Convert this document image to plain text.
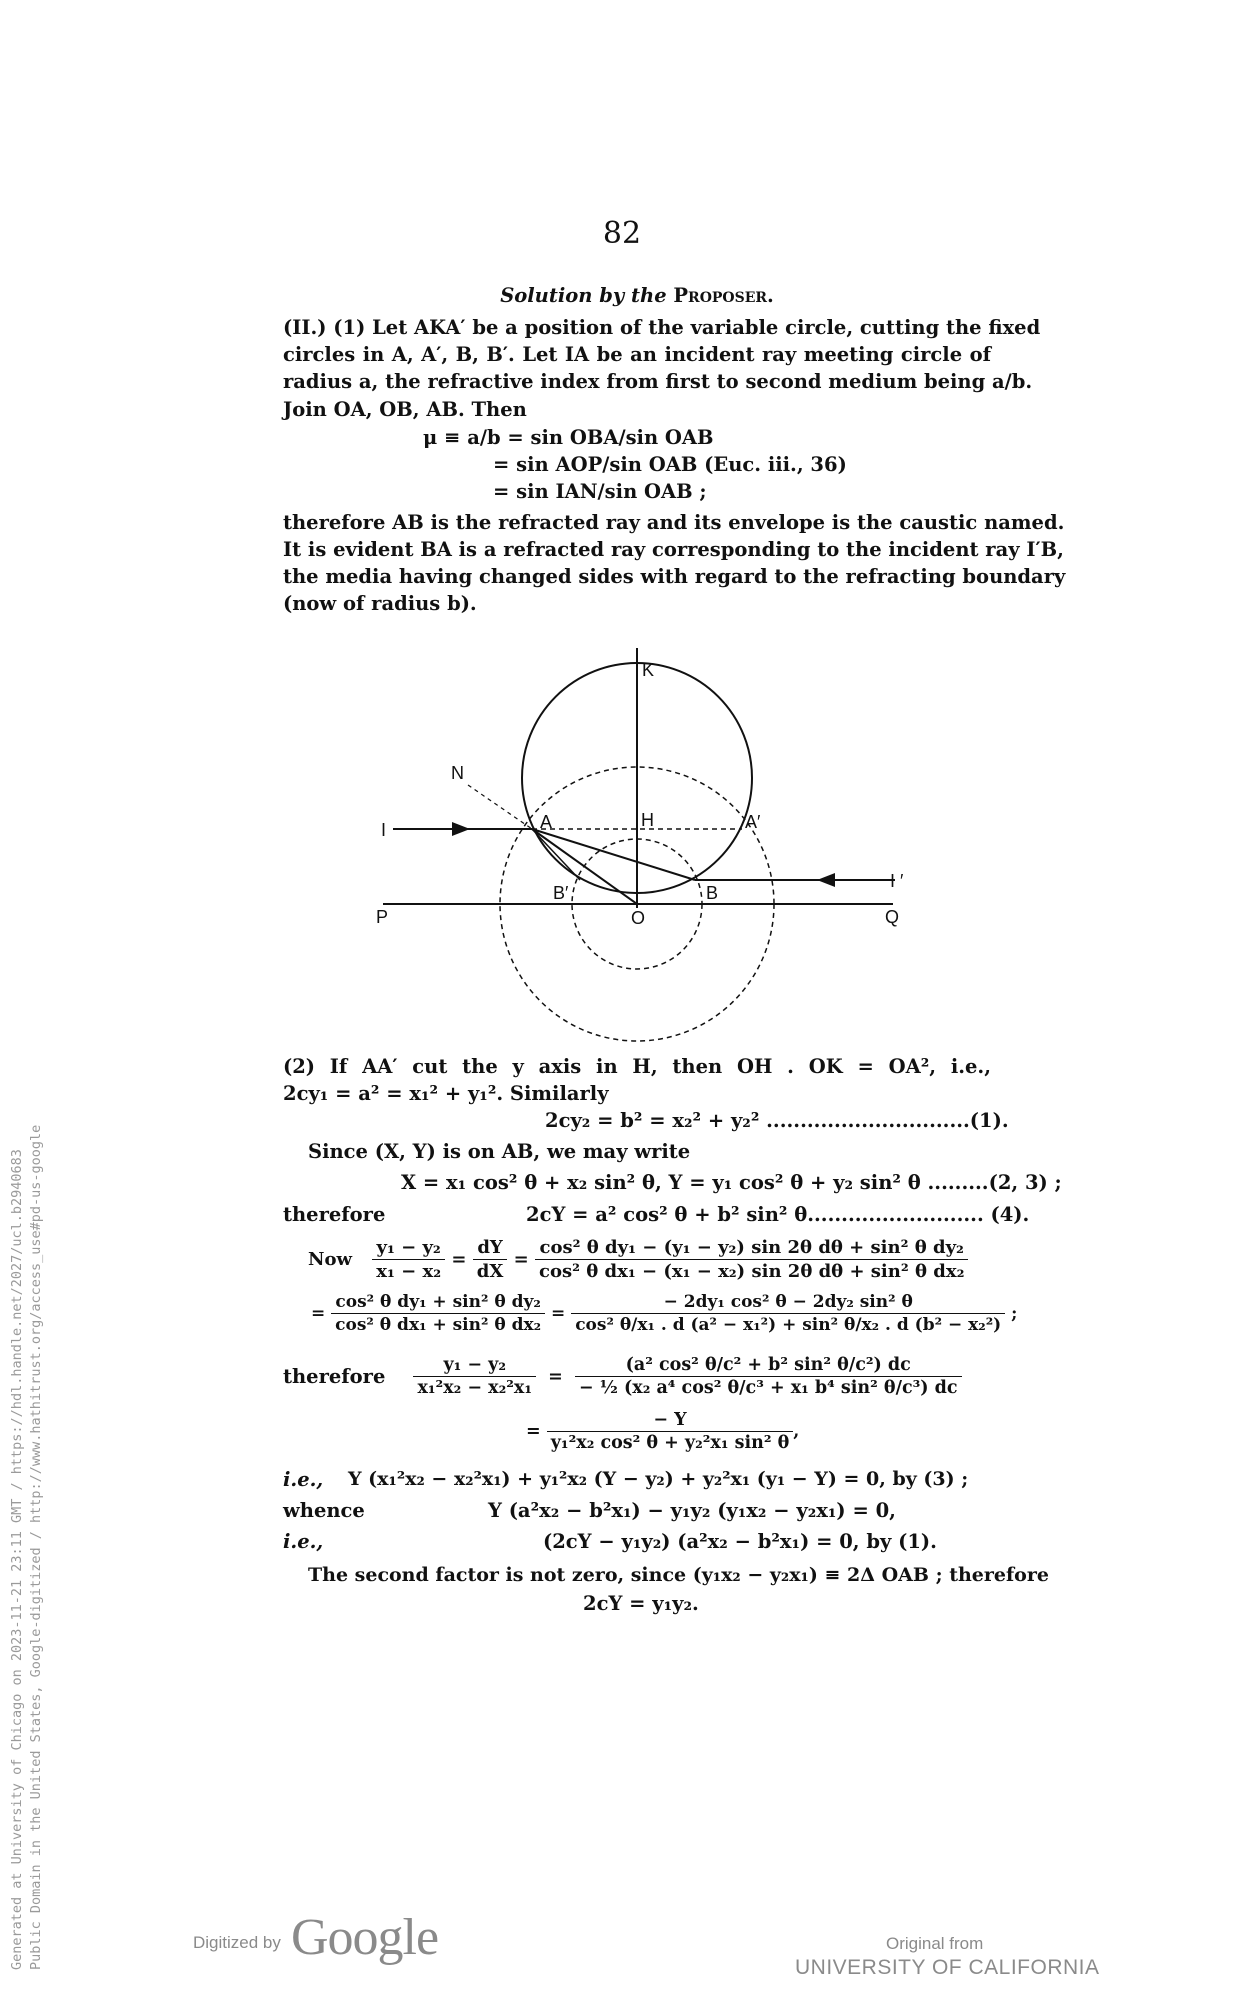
82
Solution by the Proposer.
(II.) (1) Let AKA′ be a position of the variable circle, cutting the fixed
circles in A, A′, B, B′. Let IA be an incident ray meeting circle of
radius a, the refractive index from first to second medium being a/b.
Join OA, OB, AB. Then
μ ≡ a/b = sin OBA/sin OAB
= sin AOP/sin OAB (Euc. iii., 36)
= sin IAN/sin OAB ;
therefore AB is the refracted ray and its envelope is the caustic named.
It is evident BA is a refracted ray corresponding to the incident ray I′B,
the media having changed sides with regard to the refracting boundary
(now of radius b).
K
N
I	A	H	A′
I ′
B′	B
P	O	Q
(2) If AA′ cut the y axis in H, then OH . OK = OA², i.e.,
2cy₁ = a² = x₁² + y₁². Similarly
2cy₂ = b² = x₂² + y₂² ..............................(1).
Since (X, Y) is on AB, we may write
X = x₁ cos² θ + x₂ sin² θ, Y = y₁ cos² θ + y₂ sin² θ .........(2, 3) ;
therefore	2cY = a² cos² θ + b² sin² θ.......................... (4).
Now $\frac{\text{y₁ − y₂}}{\text{x₁ − x₂}} = \frac{dY}{dX} = \frac{\text{cos² θ dy₁ − (y₁ − y₂) sin 2θ dθ + sin² θ dy₂}}{\text{cos² θ dx₁ − (x₁ − x₂) sin 2θ dθ + sin² θ dx₂}}$
= $\frac{\text{cos² θ dy₁ + sin² θ dy₂}}{\text{cos² θ dx₁ + sin² θ dx₂}} = \frac{\text{− 2dy₁ cos² θ − 2dy₂ sin² θ}}{\text{cos² θ/x₁ . d (a² − x₁²) + sin² θ/x₂ . d (b² − x₂²)}}$ ;
therefore $\frac{\text{y₁ − y₂}}{\text{x₁²x₂ − x₂²x₁}} = \frac{\text{(a² cos² θ/c² + b² sin² θ/c²) dc}}{\text{− ½ (x₂ a⁴ cos² θ/c³ + x₁ b⁴ sin² θ/c³) dc}}$
= $\frac{- Y}{\text{y₁²x₂ cos² θ + y₂²x₁ sin² θ}}$ ,
i.e., Y (x₁²x₂ − x₂²x₁) + y₁²x₂ (Y − y₂) + y₂²x₁ (y₁ − Y) = 0, by (3) ;
whence	Y (a²x₂ − b²x₁) − y₁y₂ (y₁x₂ − y₂x₁) = 0,
i.e.,	(2cY − y₁y₂) (a²x₂ − b²x₁) = 0, by (1).
The second factor is not zero, since (y₁x₂ − y₂x₁) ≡ 2Δ OAB ; therefore
2cY = y₁y₂.
Generated at University of Chicago on 2023-11-21 23:11 GMT / https://hdl.handle.net/2027/ucl.b2940683 Public Domain in the United States, Google-digitized / http://www.hathitrust.org/access_use#pd-us-google	Digitized by Google	Original from
UNIVERSITY OF CALIFORNIA
